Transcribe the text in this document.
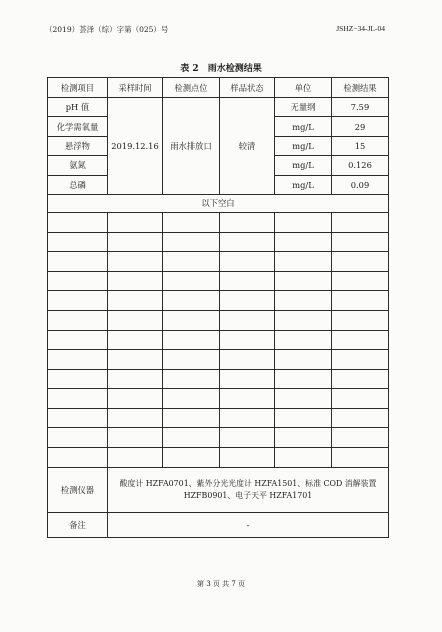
（2019）荟泽（综）字第（025）号	JSHZ−34-JL-04
表 2　雨水检测结果
检测项目	采样时间	检测点位	样品状态	单位	检测结果
pH 值	2019.12.16	雨水排放口	较清	无量纲	7.59
化学需氧量				mg/L	29
悬浮物				mg/L	15
氨氮				mg/L	0.126
总磷				mg/L	0.09
以下空白					

检测仪器	酸度计 HZFA0701、紫外分光光度计 HZFA1501、标准 COD 消解装置
HZFB0901、电子天平 HZFA1701				

备注	-				
第 3 页 共 7 页
